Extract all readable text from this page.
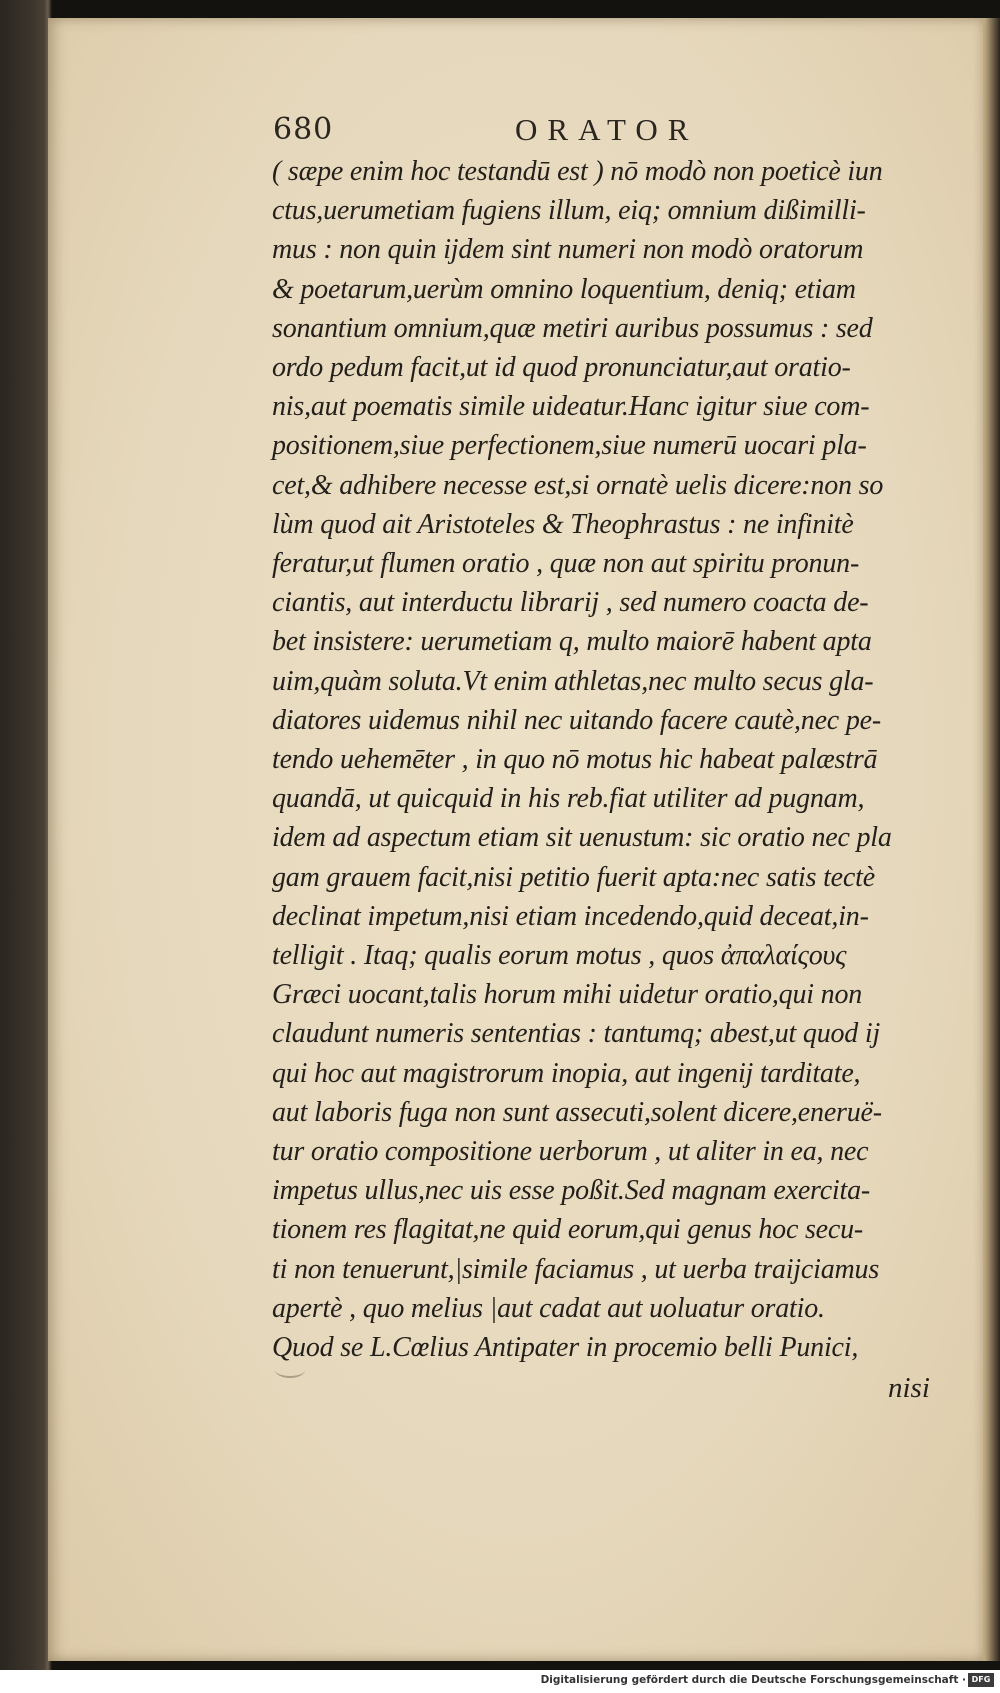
680	ORATOR
( sæpe enim hoc testandū est ) nō modò non poeticè iun
ctus,uerumetiam fugiens illum, eiq; omnium dißimilli-
mus : non quin ijdem sint numeri non modò oratorum
& poetarum,uerùm omnino loquentium, deniq; etiam
sonantium omnium,quæ metiri auribus possumus : sed
ordo pedum facit,ut id quod pronunciatur,aut oratio-
nis,aut poematis simile uideatur.Hanc igitur siue com-
positionem,siue perfectionem,siue numerū uocari pla-
cet,& adhibere necesse est,si ornatè uelis dicere:non so
lùm quod ait Aristoteles & Theophrastus : ne infinitè
feratur,ut flumen oratio , quæ non aut spiritu pronun-
ciantis, aut interductu librarij , sed numero coacta de-
bet insistere: uerumetiam q, multo maiorē habent apta
uim,quàm soluta.Vt enim athletas,nec multo secus gla-
diatores uidemus nihil nec uitando facere cautè,nec pe-
tendo uehemēter , in quo nō motus hic habeat palæstrā
quandā, ut quicquid in his reb.fiat utiliter ad pugnam,
idem ad aspectum etiam sit uenustum: sic oratio nec pla
gam grauem facit,nisi petitio fuerit apta:nec satis tectè
declinat impetum,nisi etiam incedendo,quid deceat,in-
telligit . Itaq; qualis eorum motus , quos ἀπαλαίςους
Græci uocant,talis horum mihi uidetur oratio,qui non
claudunt numeris sententias : tantumq; abest,ut quod ij
qui hoc aut magistrorum inopia, aut ingenij tarditate,
aut laboris fuga non sunt assecuti,solent dicere,eneruë-
tur oratio compositione uerborum , ut aliter in ea, nec
impetus ullus,nec uis esse poßit.Sed magnam exercita-
tionem res flagitat,ne quid eorum,qui genus hoc secu-
ti non tenuerunt,|simile faciamus , ut uerba traijciamus
apertè , quo melius |aut cadat aut uoluatur oratio.
Quod se L.Cœlius Antipater in procemio belli Punici,
nisi
Digitalisierung gefördert durch die Deutsche Forschungsgemeinschaft · DFG
